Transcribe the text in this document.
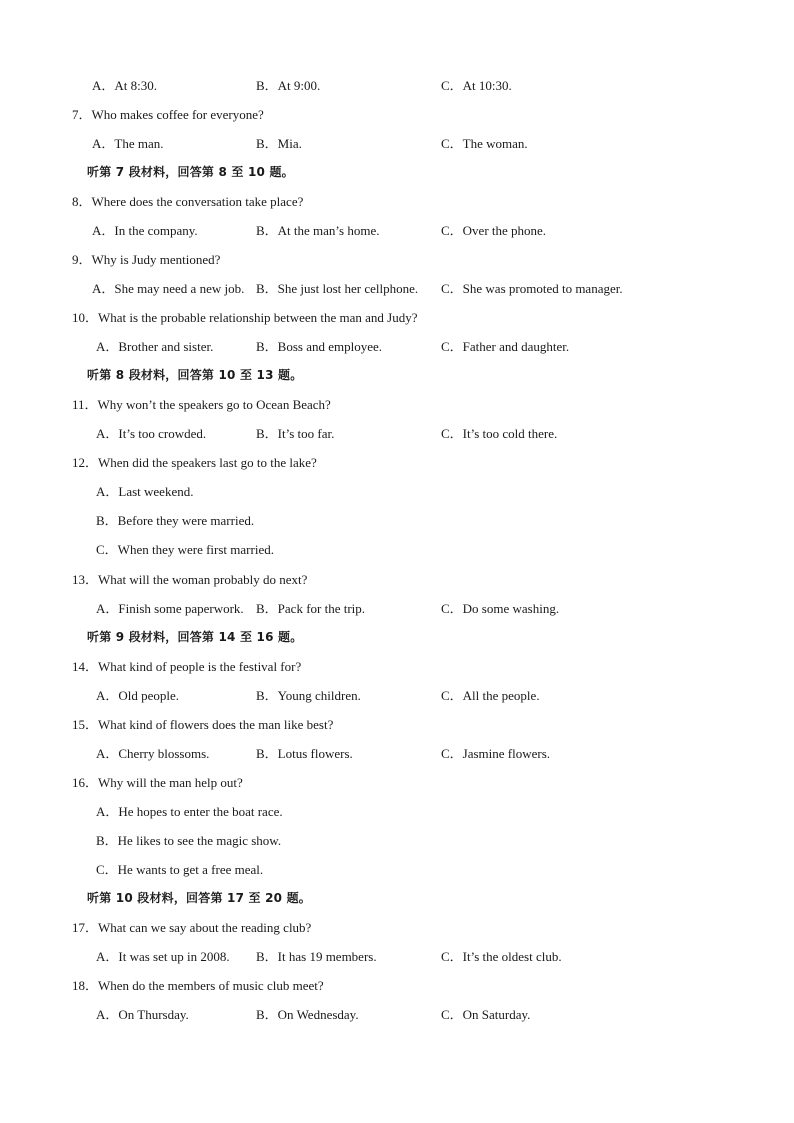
A．At 8:30.	B．At 9:00.	C．At 10:30.
7．Who makes coffee for everyone?
A．The man.	B．Mia.	C．The woman.
听第 7 段材料，回答第 8 至 10 题。
8．Where does the conversation take place?
A．In the company.	B．At the man’s home.	C．Over the phone.
9．Why is Judy mentioned?
A．She may need a new job. B．She just lost her cellphone. C．She was promoted to manager.
10．What is the probable relationship between the man and Judy?
A．Brother and sister.	B．Boss and employee.	C．Father and daughter.
听第 8 段材料，回答第 10 至 13 题。
11．Why won’t the speakers go to Ocean Beach?
A．It’s too crowded.	B．It’s too far.	C．It’s too cold there.
12．When did the speakers last go to the lake?
A．Last weekend.
B．Before they were married.
C．When they were first married.
13．What will the woman probably do next?
A．Finish some paperwork. B．Pack for the trip.	C．Do some washing.
听第 9 段材料，回答第 14 至 16 题。
14．What kind of people is the festival for?
A．Old people.	B．Young children.	C．All the people.
15．What kind of flowers does the man like best?
A．Cherry blossoms.	B．Lotus flowers.	C．Jasmine flowers.
16．Why will the man help out?
A．He hopes to enter the boat race.
B．He likes to see the magic show.
C．He wants to get a free meal.
听第 10 段材料，回答第 17 至 20 题。
17．What can we say about the reading club?
A．It was set up in 2008. B．It has 19 members.	C．It’s the oldest club.
18．When do the members of music club meet?
A．On Thursday.	B．On Wednesday.	C．On Saturday.
